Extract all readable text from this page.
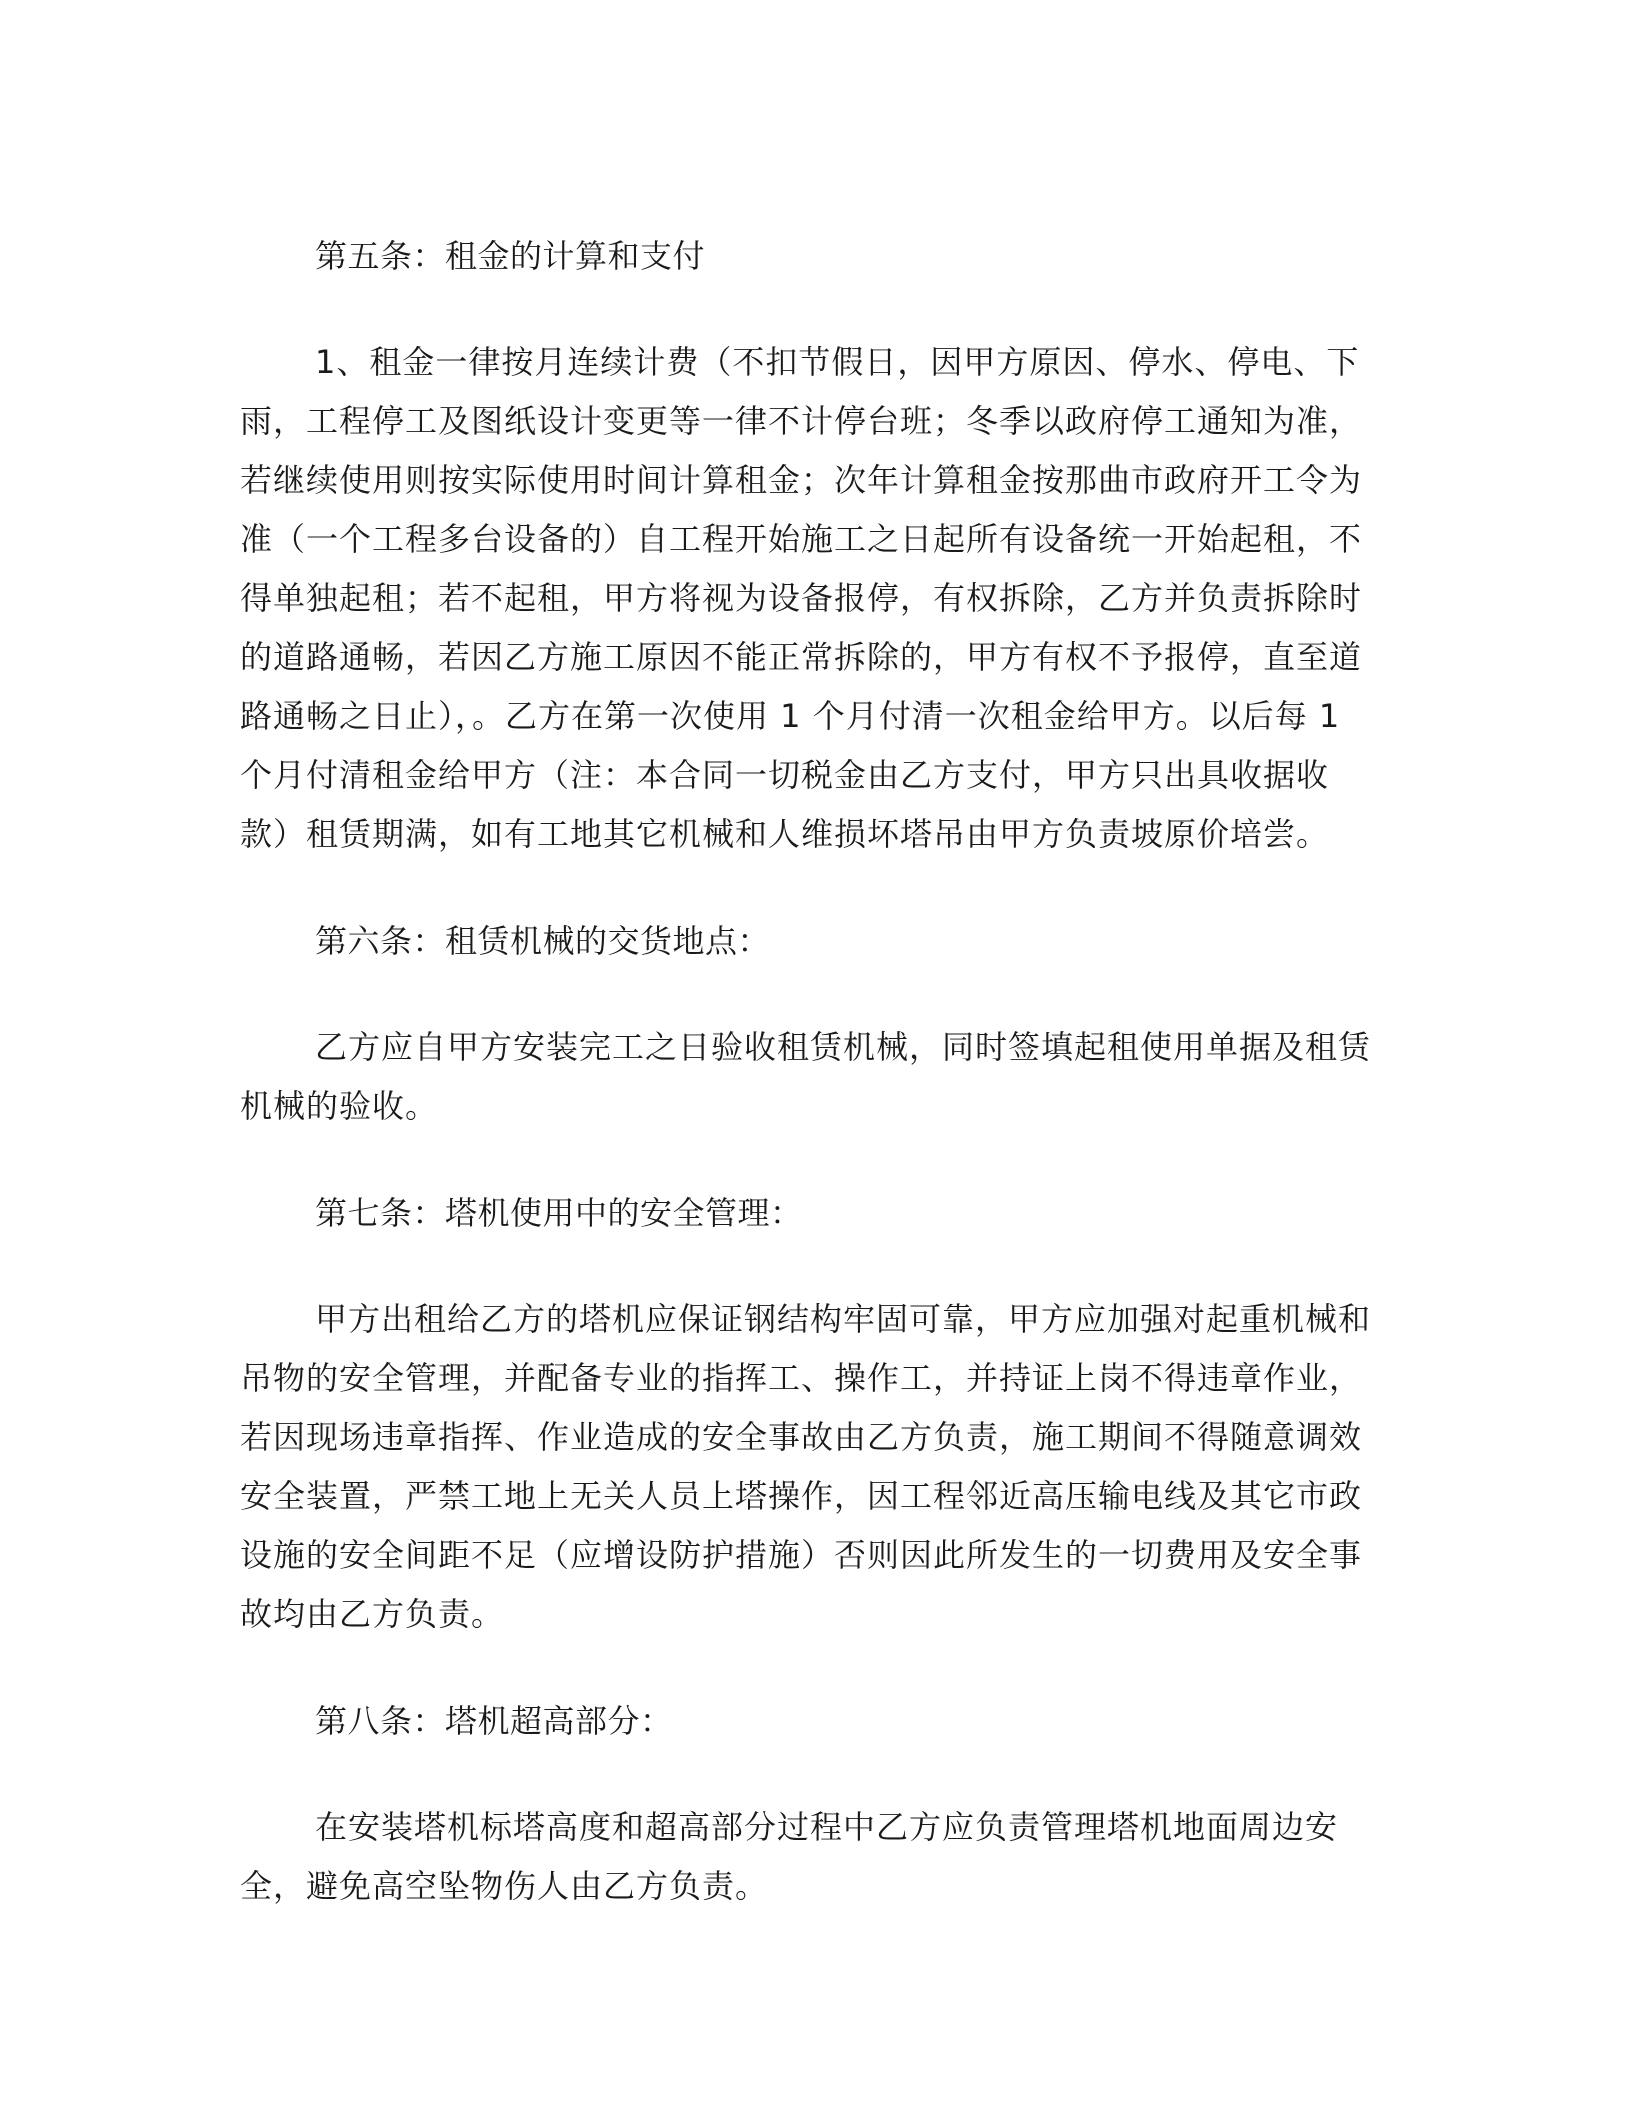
第五条：租金的计算和支付
1、租金一律按月连续计费（不扣节假日，因甲方原因、停水、停电、下雨，工程停工及图纸设计变更等一律不计停台班；冬季以政府停工通知为准，若继续使用则按实际使用时间计算租金；次年计算租金按那曲市政府开工令为准（一个工程多台设备的）自工程开始施工之日起所有设备统一开始起租，不得单独起租；若不起租，甲方将视为设备报停，有权拆除，乙方并负责拆除时的道路通畅，若因乙方施工原因不能正常拆除的，甲方有权不予报停，直至道路通畅之日止），。乙方在第一次使用 1 个月付清一次租金给甲方。以后每 1 个月付清租金给甲方（注：本合同一切税金由乙方支付，甲方只出具收据收款）租赁期满，如有工地其它机械和人维损坏塔吊由甲方负责坡原价培尝。
第六条：租赁机械的交货地点：
乙方应自甲方安装完工之日验收租赁机械，同时签填起租使用单据及租赁机械的验收。
第七条：塔机使用中的安全管理：
甲方出租给乙方的塔机应保证钢结构牢固可靠，甲方应加强对起重机械和吊物的安全管理，并配备专业的指挥工、操作工，并持证上岗不得违章作业，若因现场违章指挥、作业造成的安全事故由乙方负责，施工期间不得随意调效安全装置，严禁工地上无关人员上塔操作，因工程邻近高压输电线及其它市政设施的安全间距不足（应增设防护措施）否则因此所发生的一切费用及安全事故均由乙方负责。
第八条：塔机超高部分：
在安装塔机标塔高度和超高部分过程中乙方应负责管理塔机地面周边安全，避免高空坠物伤人由乙方负责。
